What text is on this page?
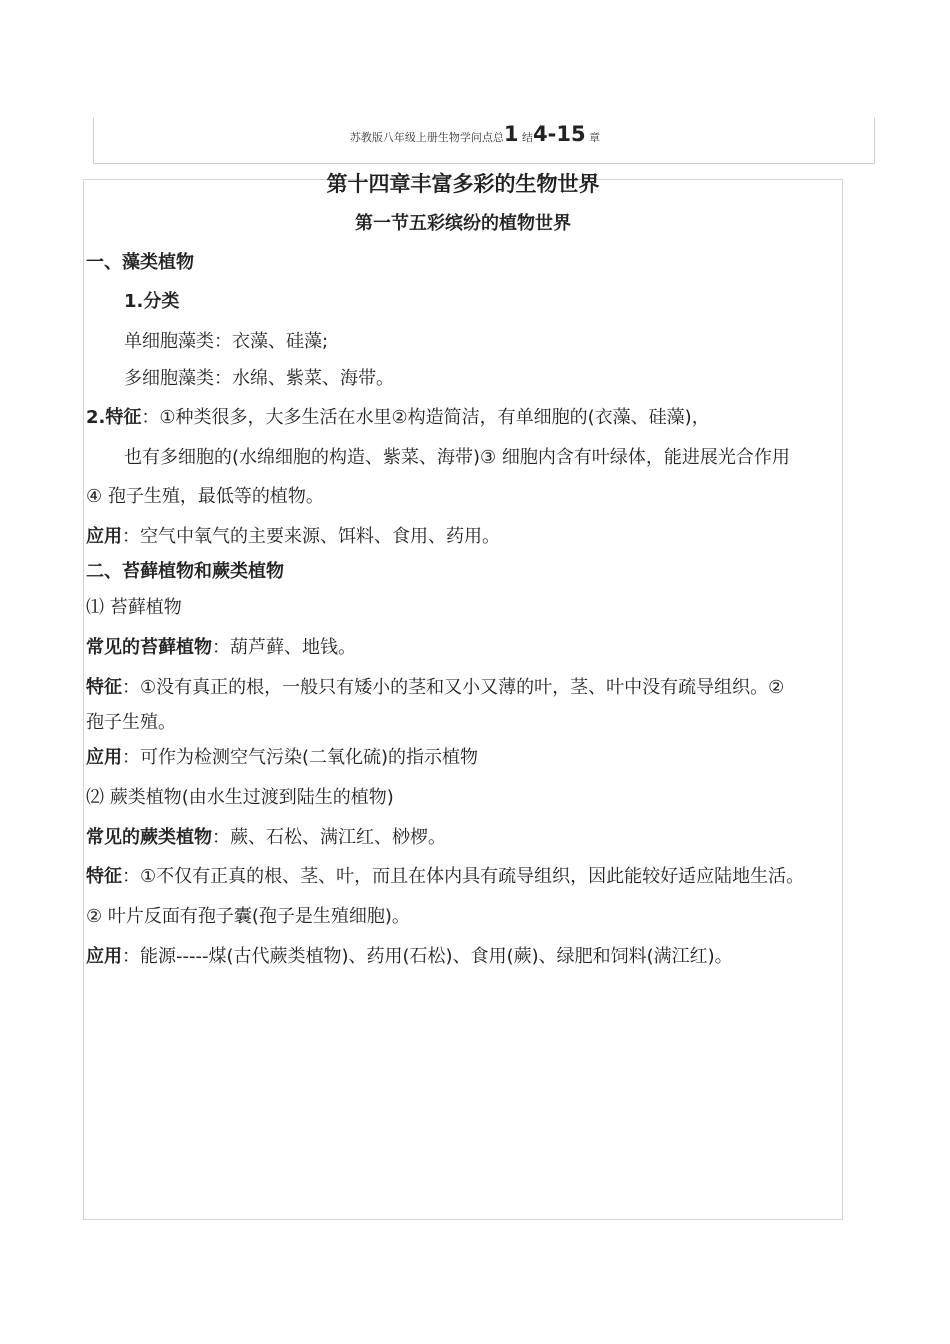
苏教版八年级上册生物学问点总1 结4-15 章
第十四章丰富多彩的生物世界
第一节五彩缤纷的植物世界
一、藻类植物
1.分类
单细胞藻类：衣藻、硅藻;
多细胞藻类：水绵、紫菜、海带。
2.特征：①种类很多，大多生活在水里②构造简洁，有单细胞的(衣藻、硅藻)，
也有多细胞的(水绵细胞的构造、紫菜、海带)③ 细胞内含有叶绿体，能进展光合作用
④ 孢子生殖，最低等的植物。
应用：空气中氧气的主要来源、饵料、食用、药用。
二、苔藓植物和蕨类植物
⑴ 苔藓植物
常见的苔藓植物：葫芦藓、地钱。
特征：①没有真正的根，一般只有矮小的茎和又小又薄的叶，茎、叶中没有疏导组织。②
孢子生殖。
应用：可作为检测空气污染(二氧化硫)的指示植物
⑵ 蕨类植物(由水生过渡到陆生的植物)
常见的蕨类植物：蕨、石松、满江红、桫椤。
特征：①不仅有正真的根、茎、叶，而且在体内具有疏导组织，因此能较好适应陆地生活。
② 叶片反面有孢子囊(孢子是生殖细胞)。
应用：能源-----煤(古代蕨类植物)、药用(石松)、食用(蕨)、绿肥和饲料(满江红)。
